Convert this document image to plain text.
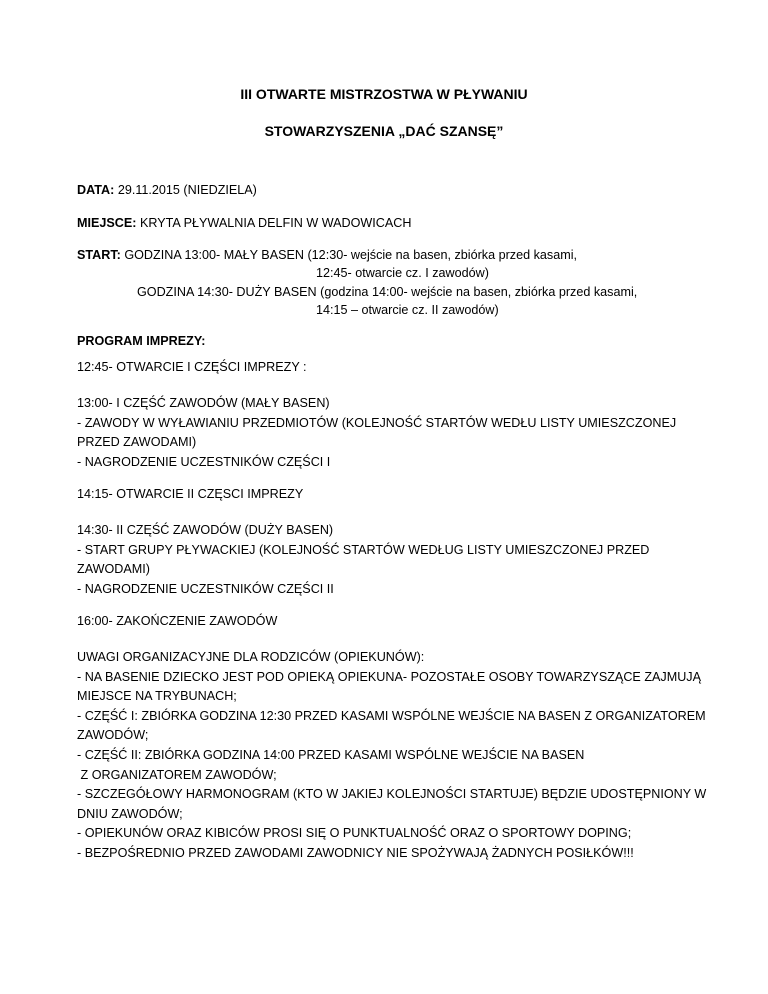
III OTWARTE MISTRZOSTWA W PŁYWANIU
STOWARZYSZENIA „DAĆ SZANSĘ”
DATA: 29.11.2015 (NIEDZIELA)
MIEJSCE: KRYTA PŁYWALNIA DELFIN W WADOWICACH
START: GODZINA 13:00- MAŁY BASEN (12:30- wejście na basen, zbiórka przed kasami,
12:45- otwarcie cz. I zawodów)
GODZINA 14:30- DUŻY BASEN (godzina 14:00- wejście na basen, zbiórka przed kasami,
14:15 – otwarcie cz. II zawodów)
PROGRAM IMPREZY:
12:45- OTWARCIE I CZĘŚCI IMPREZY :
13:00- I CZĘŚĆ ZAWODÓW (MAŁY BASEN)
- ZAWODY W WYŁAWIANIU PRZEDMIOTÓW (KOLEJNOŚĆ STARTÓW WEDŁU LISTY UMIESZCZONEJ
PRZED ZAWODAMI)
- NAGRODZENIE UCZESTNIKÓW CZĘŚCI I
14:15- OTWARCIE II CZĘSCI IMPREZY
14:30- II CZĘŚĆ ZAWODÓW (DUŻY BASEN)
- START GRUPY PŁYWACKIEJ (KOLEJNOŚĆ STARTÓW WEDŁUG LISTY UMIESZCZONEJ PRZED
ZAWODAMI)
- NAGRODZENIE UCZESTNIKÓW CZĘŚCI II
16:00- ZAKOŃCZENIE ZAWODÓW
UWAGI ORGANIZACYJNE DLA RODZICÓW (OPIEKUNÓW):
- NA BASENIE DZIECKO JEST POD OPIEKĄ OPIEKUNA- POZOSTAŁE OSOBY TOWARZYSZĄCE ZAJMUJĄ
MIEJSCE NA TRYBUNACH;
- CZĘŚĆ I: ZBIÓRKA GODZINA 12:30 PRZED KASAMI WSPÓLNE WEJŚCIE NA BASEN Z ORGANIZATOREM
ZAWODÓW;
- CZĘŚĆ II: ZBIÓRKA GODZINA 14:00 PRZED KASAMI WSPÓLNE WEJŚCIE NA BASEN
Z ORGANIZATOREM ZAWODÓW;
- SZCZEGÓŁOWY HARMONOGRAM (KTO W JAKIEJ KOLEJNOŚCI STARTUJE) BĘDZIE UDOSTĘPNIONY W
DNIU ZAWODÓW;
- OPIEKUNÓW ORAZ KIBICÓW PROSI SIĘ O PUNKTUALNOŚĆ ORAZ O SPORTOWY DOPING;
- BEZPOŚREDNIO PRZED ZAWODAMI ZAWODNICY NIE SPOŻYWAJĄ ŻADNYCH POSIŁKÓW!!!
